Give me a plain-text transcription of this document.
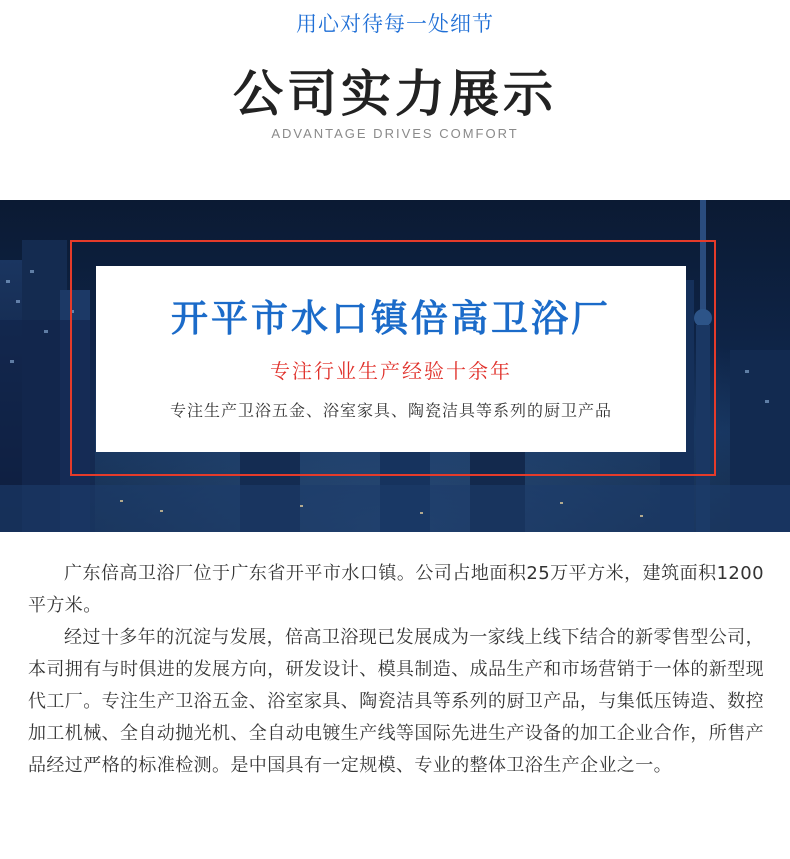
用心对待每一处细节
公司实力展示
ADVANTAGE DRIVES COMFORT
开平市水口镇倍高卫浴厂
专注行业生产经验十余年
专注生产卫浴五金、浴室家具、陶瓷洁具等系列的厨卫产品

广东倍高卫浴厂位于广东省开平市水口镇。公司占地面积25万平方米，建筑面积1200平方米。

经过十多年的沉淀与发展，倍高卫浴现已发展成为一家线上线下结合的新零售型公司，本司拥有与时俱进的发展方向，研发设计、模具制造、成品生产和市场营销于一体的新型现代工厂。专注生产卫浴五金、浴室家具、陶瓷洁具等系列的厨卫产品，与集低压铸造、数控加工机械、全自动抛光机、全自动电镀生产线等国际先进生产设备的加工企业合作，所售产品经过严格的标准检测。是中国具有一定规模、专业的整体卫浴生产企业之一。
